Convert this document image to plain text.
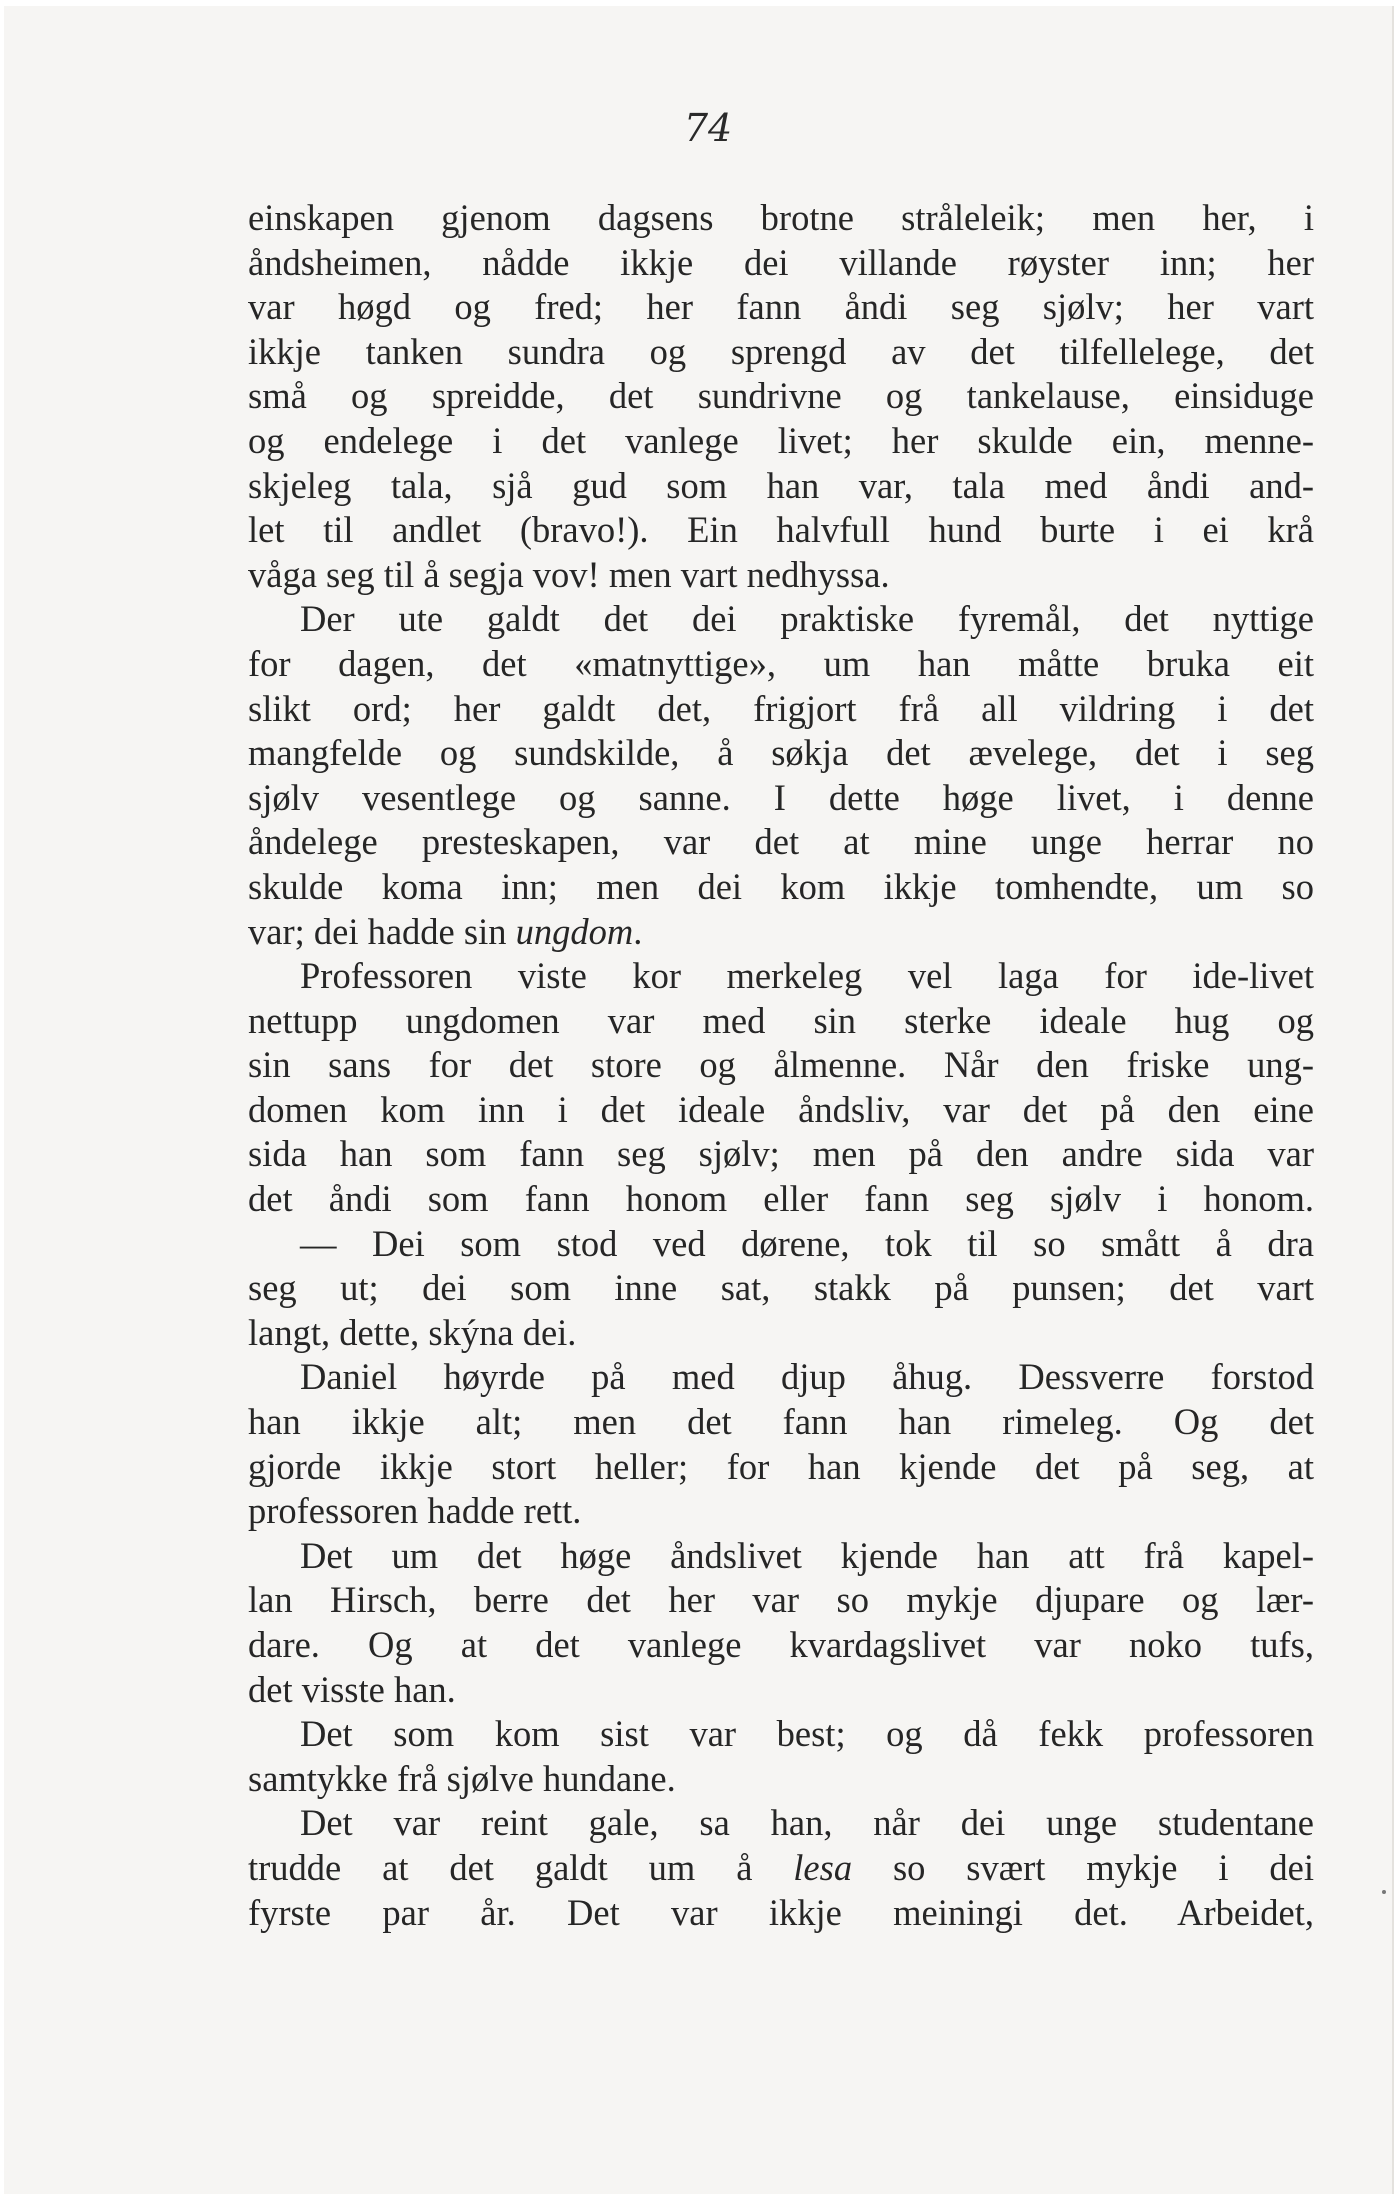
74
einskapen gjenom dagsens brotne stråleleik; men her, i
åndsheimen, nådde ikkje dei villande røyster inn; her
var høgd og fred; her fann åndi seg sjølv; her vart
ikkje tanken sundra og sprengd av det tilfellelege, det
små og spreidde, det sundrivne og tankelause, einsiduge
og endelege i det vanlege livet; her skulde ein, menne-
skjeleg tala, sjå gud som han var, tala med åndi and-
let til andlet (bravo!). Ein halvfull hund burte i ei krå
våga seg til å segja vov! men vart nedhyssa.
Der ute galdt det dei praktiske fyremål, det nyttige
for dagen, det «matnyttige», um han måtte bruka eit
slikt ord; her galdt det, frigjort frå all vildring i det
mangfelde og sundskilde, å søkja det ævelege, det i seg
sjølv vesentlege og sanne. I dette høge livet, i denne
åndelege presteskapen, var det at mine unge herrar no
skulde koma inn; men dei kom ikkje tomhendte, um so
var; dei hadde sin ungdom.
Professoren viste kor merkeleg vel laga for ide-livet
nettupp ungdomen var med sin sterke ideale hug og
sin sans for det store og ålmenne. Når den friske ung-
domen kom inn i det ideale åndsliv, var det på den eine
sida han som fann seg sjølv; men på den andre sida var
det åndi som fann honom eller fann seg sjølv i honom.
— Dei som stod ved dørene, tok til so smått å dra
seg ut; dei som inne sat, stakk på punsen; det vart
langt, dette, skýna dei.
Daniel høyrde på med djup åhug. Dessverre forstod
han ikkje alt; men det fann han rimeleg. Og det
gjorde ikkje stort heller; for han kjende det på seg, at
professoren hadde rett.
Det um det høge åndslivet kjende han att frå kapel-
lan Hirsch, berre det her var so mykje djupare og lær-
dare. Og at det vanlege kvardagslivet var noko tufs,
det visste han.
Det som kom sist var best; og då fekk professoren
samtykke frå sjølve hundane.
Det var reint gale, sa han, når dei unge studentane
trudde at det galdt um å lesa so svært mykje i dei
fyrste par år. Det var ikkje meiningi det. Arbeidet,
